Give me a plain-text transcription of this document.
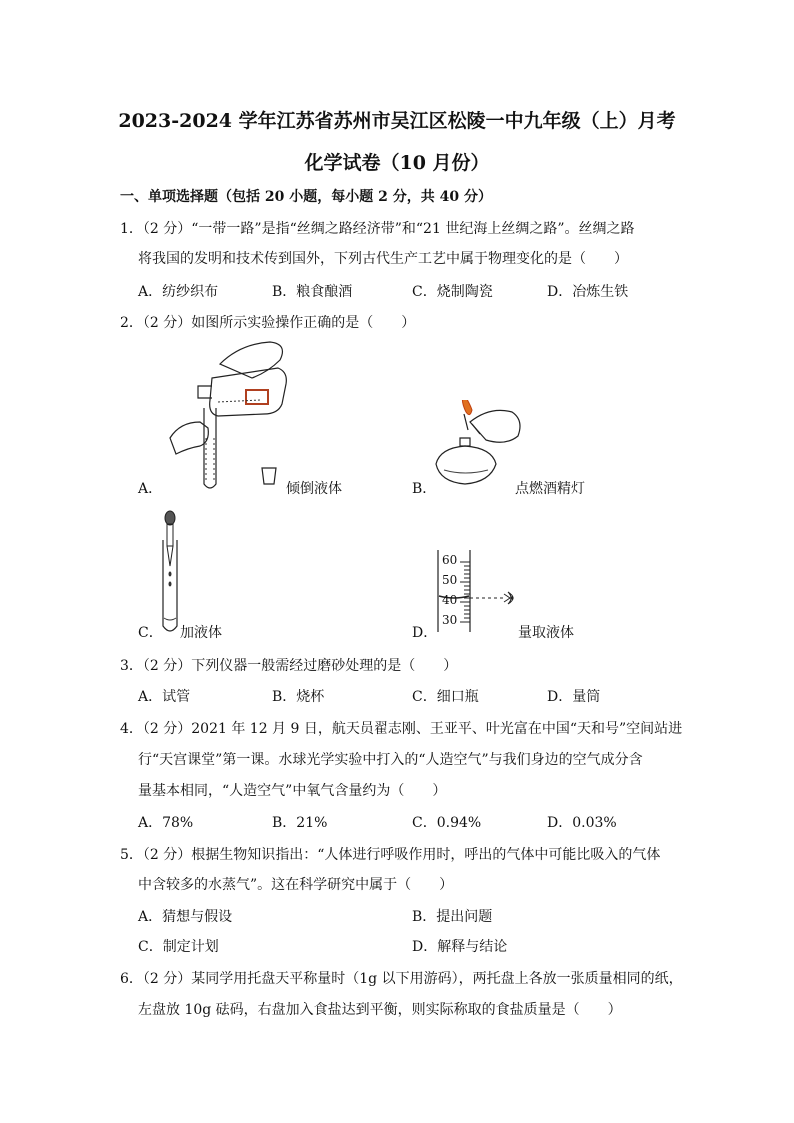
2023-2024 学年江苏省苏州市吴江区松陵一中九年级（上）月考
化学试卷（10 月份）
一、单项选择题（包括 20 小题，每小题 2 分，共 40 分）
1．（2 分）“一带一路”是指“丝绸之路经济带”和“21 世纪海上丝绸之路”。丝绸之路
将我国的发明和技术传到国外，下列古代生产工艺中属于物理变化的是（　　）
A．纺纱织布	B．粮食酿酒	C．烧制陶瓷	D．冶炼生铁
2．（2 分）如图所示实验操作正确的是（　　）
A．	倾倒液体	B．	点燃酒精灯
C． 加液体
60
50
40
30
D．	量取液体
3．（2 分）下列仪器一般需经过磨砂处理的是（　　）
A．试管	B．烧杯	C．细口瓶	D．量筒
4．（2 分）2021 年 12 月 9 日，航天员翟志刚、王亚平、叶光富在中国“天和号”空间站进
行“天宫课堂”第一课。水球光学实验中打入的“人造空气”与我们身边的空气成分含
量基本相同，“人造空气”中氧气含量约为（　　）
A．78%	B．21%	C．0.94%	D．0.03%
5．（2 分）根据生物知识指出：“人体进行呼吸作用时，呼出的气体中可能比吸入的气体
中含较多的水蒸气”。这在科学研究中属于（　　）
A．猜想与假设	B．提出问题
C．制定计划	D．解释与结论
6．（2 分）某同学用托盘天平称量时（1g 以下用游码），两托盘上各放一张质量相同的纸，
左盘放 10g 砝码，右盘加入食盐达到平衡，则实际称取的食盐质量是（　　）
